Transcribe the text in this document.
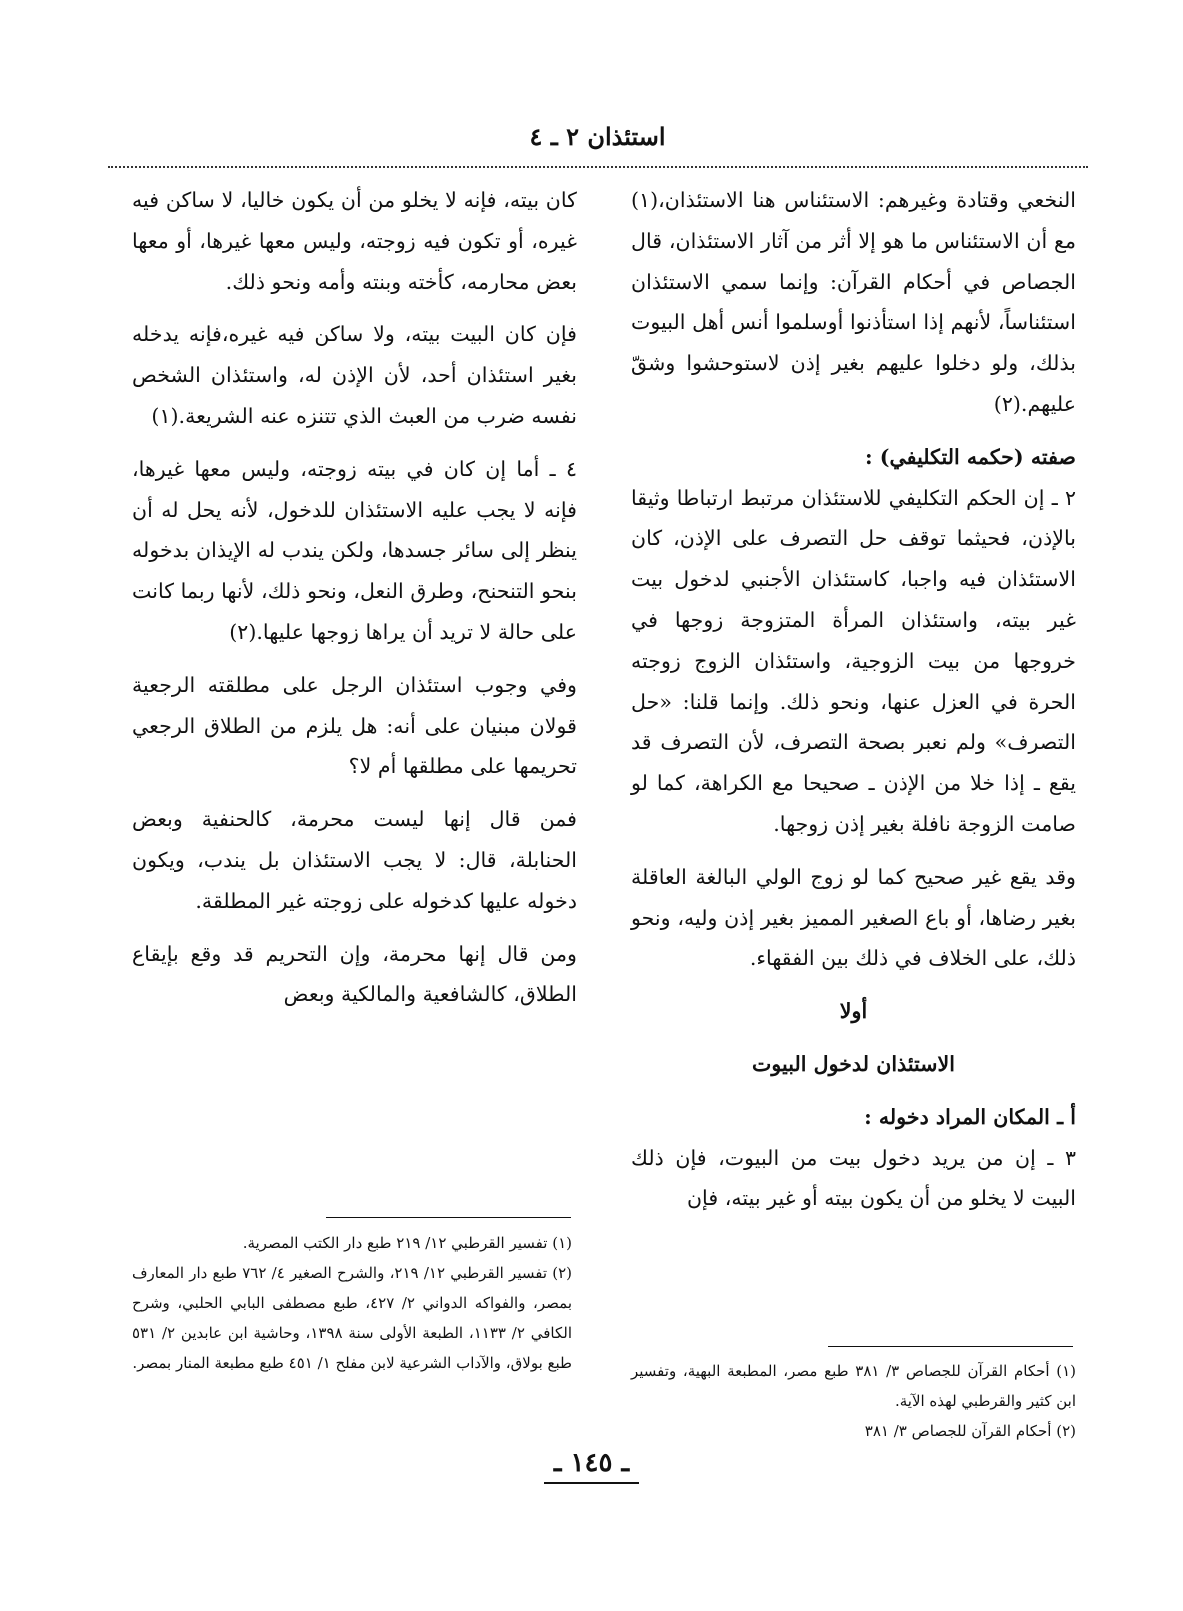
استئذان ٢ ـ ٤

النخعي وقتادة وغيرهم: الاستئناس هنا الاستئذان،(١) مع أن الاستئناس ما هو إلا أثر من آثار الاستئذان، قال الجصاص في أحكام القرآن: وإنما سمي الاستئذان استئناساً، لأنهم إذا استأذنوا أوسلموا أنس أهل البيوت بذلك، ولو دخلوا عليهم بغير إذن لاستوحشوا وشقّ عليهم.(٢)

صفته (حكمه التكليفي) :

٢ ـ إن الحكم التكليفي للاستئذان مرتبط ارتباطا وثيقا بالإذن، فحيثما توقف حل التصرف على الإذن، كان الاستئذان فيه واجبا، كاستئذان الأجنبي لدخول بيت غير بيته، واستئذان المرأة المتزوجة زوجها في خروجها من بيت الزوجية، واستئذان الزوج زوجته الحرة في العزل عنها، ونحو ذلك. وإنما قلنا: «حل التصرف» ولم نعبر بصحة التصرف، لأن التصرف قد يقع ـ إذا خلا من الإذن ـ صحيحا مع الكراهة، كما لو صامت الزوجة نافلة بغير إذن زوجها.

وقد يقع غير صحيح كما لو زوج الولي البالغة العاقلة بغير رضاها، أو باع الصغير المميز بغير إذن وليه، ونحو ذلك، على الخلاف في ذلك بين الفقهاء.

أولا

الاستئذان لدخول البيوت

أ ـ المكان المراد دخوله :

٣ ـ إن من يريد دخول بيت من البيوت، فإن ذلك البيت لا يخلو من أن يكون بيته أو غير بيته، فإن

كان بيته، فإنه لا يخلو من أن يكون خاليا، لا ساكن فيه غيره، أو تكون فيه زوجته، وليس معها غيرها، أو معها بعض محارمه، كأخته وبنته وأمه ونحو ذلك.

فإن كان البيت بيته، ولا ساكن فيه غيره،فإنه يدخله بغير استئذان أحد، لأن الإذن له، واستئذان الشخص نفسه ضرب من العبث الذي تتنزه عنه الشريعة.(١)

٤ ـ أما إن كان في بيته زوجته، وليس معها غيرها، فإنه لا يجب عليه الاستئذان للدخول، لأنه يحل له أن ينظر إلى سائر جسدها، ولكن يندب له الإيذان بدخوله بنحو التنحنح، وطرق النعل، ونحو ذلك، لأنها ربما كانت على حالة لا تريد أن يراها زوجها عليها.(٢)

وفي وجوب استئذان الرجل على مطلقته الرجعية قولان مبنيان على أنه: هل يلزم من الطلاق الرجعي تحريمها على مطلقها أم لا؟

فمن قال إنها ليست محرمة، كالحنفية وبعض الحنابلة، قال: لا يجب الاستئذان بل يندب، ويكون دخوله عليها كدخوله على زوجته غير المطلقة.

ومن قال إنها محرمة، وإن التحريم قد وقع بإيقاع الطلاق، كالشافعية والمالكية وبعض

(١) تفسير القرطبي ١٢/ ٢١٩ طبع دار الكتب المصرية.

(٢) تفسير القرطبي ١٢/ ٢١٩، والشرح الصغير ٤/ ٧٦٢ طبع دار المعارف بمصر، والفواكه الدواني ٢/ ٤٢٧، طبع مصطفى البابي الحلبي، وشرح الكافي ٢/ ١١٣٣، الطبعة الأولى سنة ١٣٩٨، وحاشية ابن عابدين ٢/ ٥٣١ طبع بولاق، والآداب الشرعية لابن مفلح ١/ ٤٥١ طبع مطبعة المنار بمصر.	(١) أحكام القرآن للجصاص ٣/ ٣٨١ طبع مصر، المطبعة البهية، وتفسير ابن كثير والقرطبي لهذه الآية.

(٢) أحكام القرآن للجصاص ٣/ ٣٨١

ـ ١٤٥ ـ
